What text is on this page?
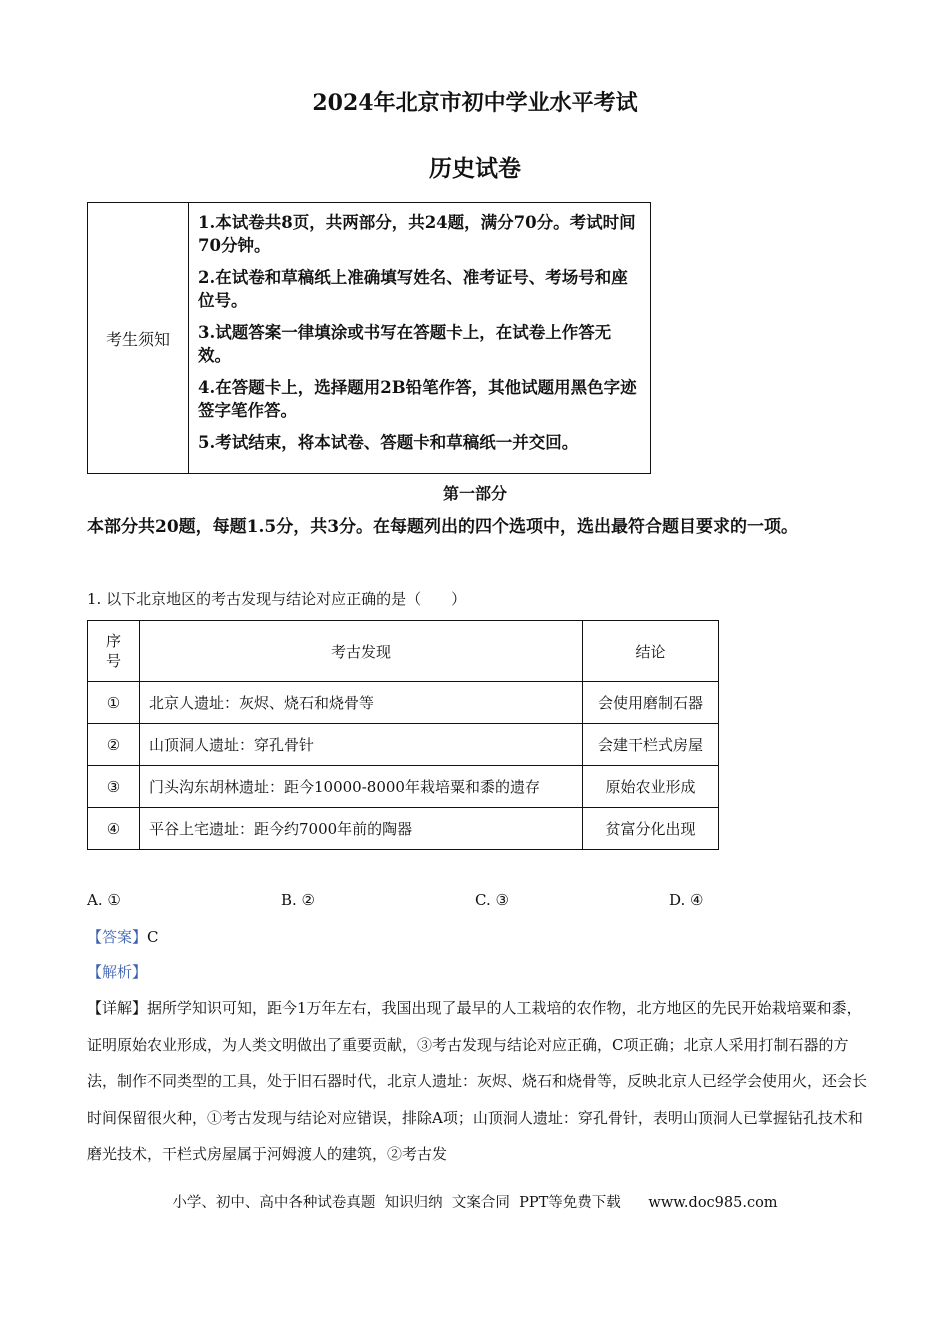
2024年北京市初中学业水平考试
历史试卷
考生须知

1.本试卷共8页，共两部分，共24题，满分70分。考试时间70分钟。

2.在试卷和草稿纸上准确填写姓名、准考证号、考场号和座位号。

3.试题答案一律填涂或书写在答题卡上，在试卷上作答无效。

4.在答题卡上，选择题用2B铅笔作答，其他试题用黑色字迹签字笔作答。

5.考试结束，将本试卷、答题卡和草稿纸一并交回。

第一部分
本部分共20题，每题1.5分，共3分。在每题列出的四个选项中，选出最符合题目要求的一项。
1. 以下北京地区的考古发现与结论对应正确的是（　　）
序号	考古发现	结论
①	北京人遗址：灰烬、烧石和烧骨等	会使用磨制石器
②	山顶洞人遗址：穿孔骨针	会建干栏式房屋
③	门头沟东胡林遗址：距今10000-8000年栽培粟和黍的遗存	原始农业形成
④	平谷上宅遗址：距今约7000年前的陶器	贫富分化出现
A. ①	B. ②	C. ③	D. ④
【答案】C
【解析】
【详解】据所学知识可知，距今1万年左右，我国出现了最早的人工栽培的农作物，北方地区的先民开始栽培粟和黍，证明原始农业形成，为人类文明做出了重要贡献，③考古发现与结论对应正确，C项正确；北京人采用打制石器的方法，制作不同类型的工具，处于旧石器时代，北京人遗址：灰烬、烧石和烧骨等，反映北京人已经学会使用火，还会长时间保留很火种，①考古发现与结论对应错误，排除A项；山顶洞人遗址：穿孔骨针，表明山顶洞人已掌握钻孔技术和磨光技术，干栏式房屋属于河姆渡人的建筑，②考古发
小学、初中、高中各种试卷真题  知识归纳  文案合同  PPT等免费下载      www.doc985.com
